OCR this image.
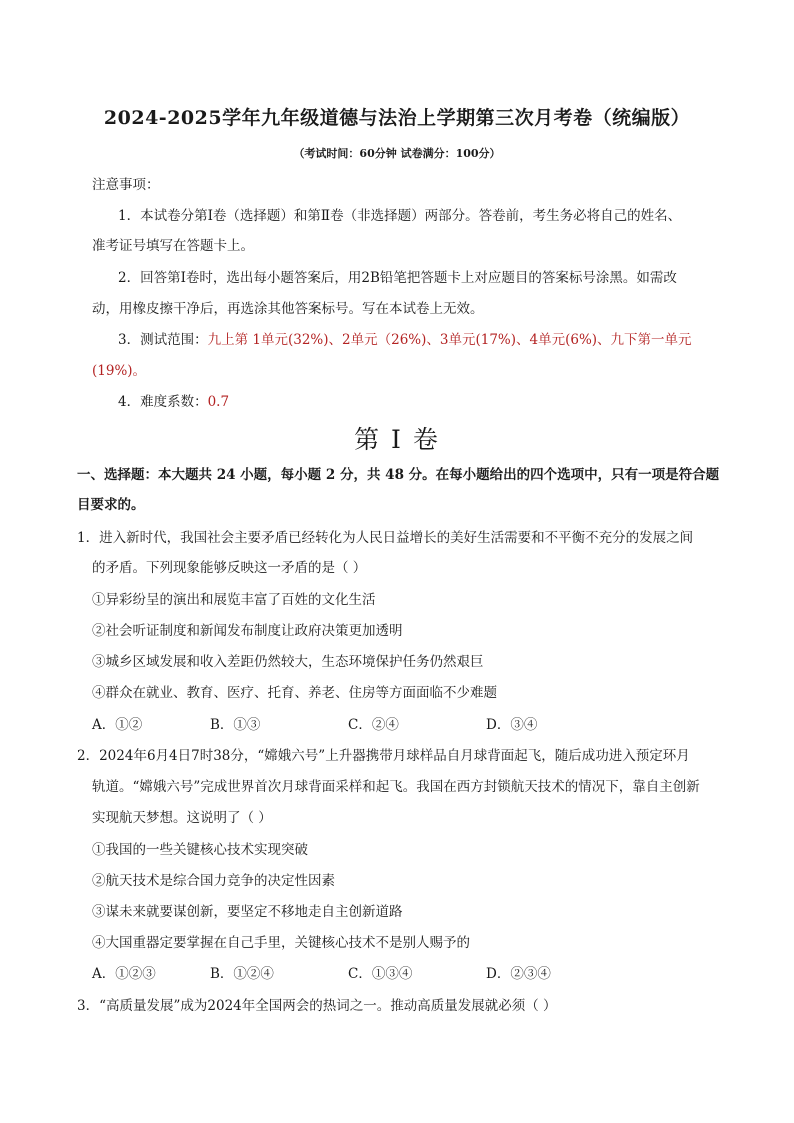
2024-2025学年九年级道德与法治上学期第三次月考卷（统编版）
（考试时间：60分钟 试卷满分：100分）
注意事项：
1．本试卷分第Ⅰ卷（选择题）和第Ⅱ卷（非选择题）两部分。答卷前，考生务必将自己的姓名、
准考证号填写在答题卡上。
2．回答第Ⅰ卷时，选出每小题答案后，用2B铅笔把答题卡上对应题目的答案标号涂黑。如需改
动，用橡皮擦干净后，再选涂其他答案标号。写在本试卷上无效。
3．测试范围：九上第 1单元(32%)、2单元（26%)、3单元(17%)、4单元(6%)、九下第一单元
(19%)。
4．难度系数：0.7
第 I 卷
一、选择题：本大题共 24 小题，每小题 2 分，共 48 分。在每小题给出的四个选项中，只有一项是符合题
目要求的。
1．进入新时代，我国社会主要矛盾已经转化为人民日益增长的美好生活需要和不平衡不充分的发展之间
的矛盾。下列现象能够反映这一矛盾的是（ ）
①异彩纷呈的演出和展览丰富了百姓的文化生活
②社会听证制度和新闻发布制度让政府决策更加透明
③城乡区域发展和收入差距仍然较大，生态环境保护任务仍然艰巨
④群众在就业、教育、医疗、托育、养老、住房等方面面临不少难题
A．①②	B．①③	C．②④	D．③④
2．2024年6月4日7时38分，“嫦娥六号”上升器携带月球样品自月球背面起飞，随后成功进入预定环月
轨道。“嫦娥六号”完成世界首次月球背面采样和起飞。我国在西方封锁航天技术的情况下，靠自主创新
实现航天梦想。这说明了（ ）
①我国的一些关键核心技术实现突破
②航天技术是综合国力竞争的决定性因素
③谋未来就要谋创新，要坚定不移地走自主创新道路
④大国重器定要掌握在自己手里，关键核心技术不是别人赐予的
A．①②③	B．①②④	C．①③④	D．②③④
3．“高质量发展”成为2024年全国两会的热词之一。推动高质量发展就必须（ ）
